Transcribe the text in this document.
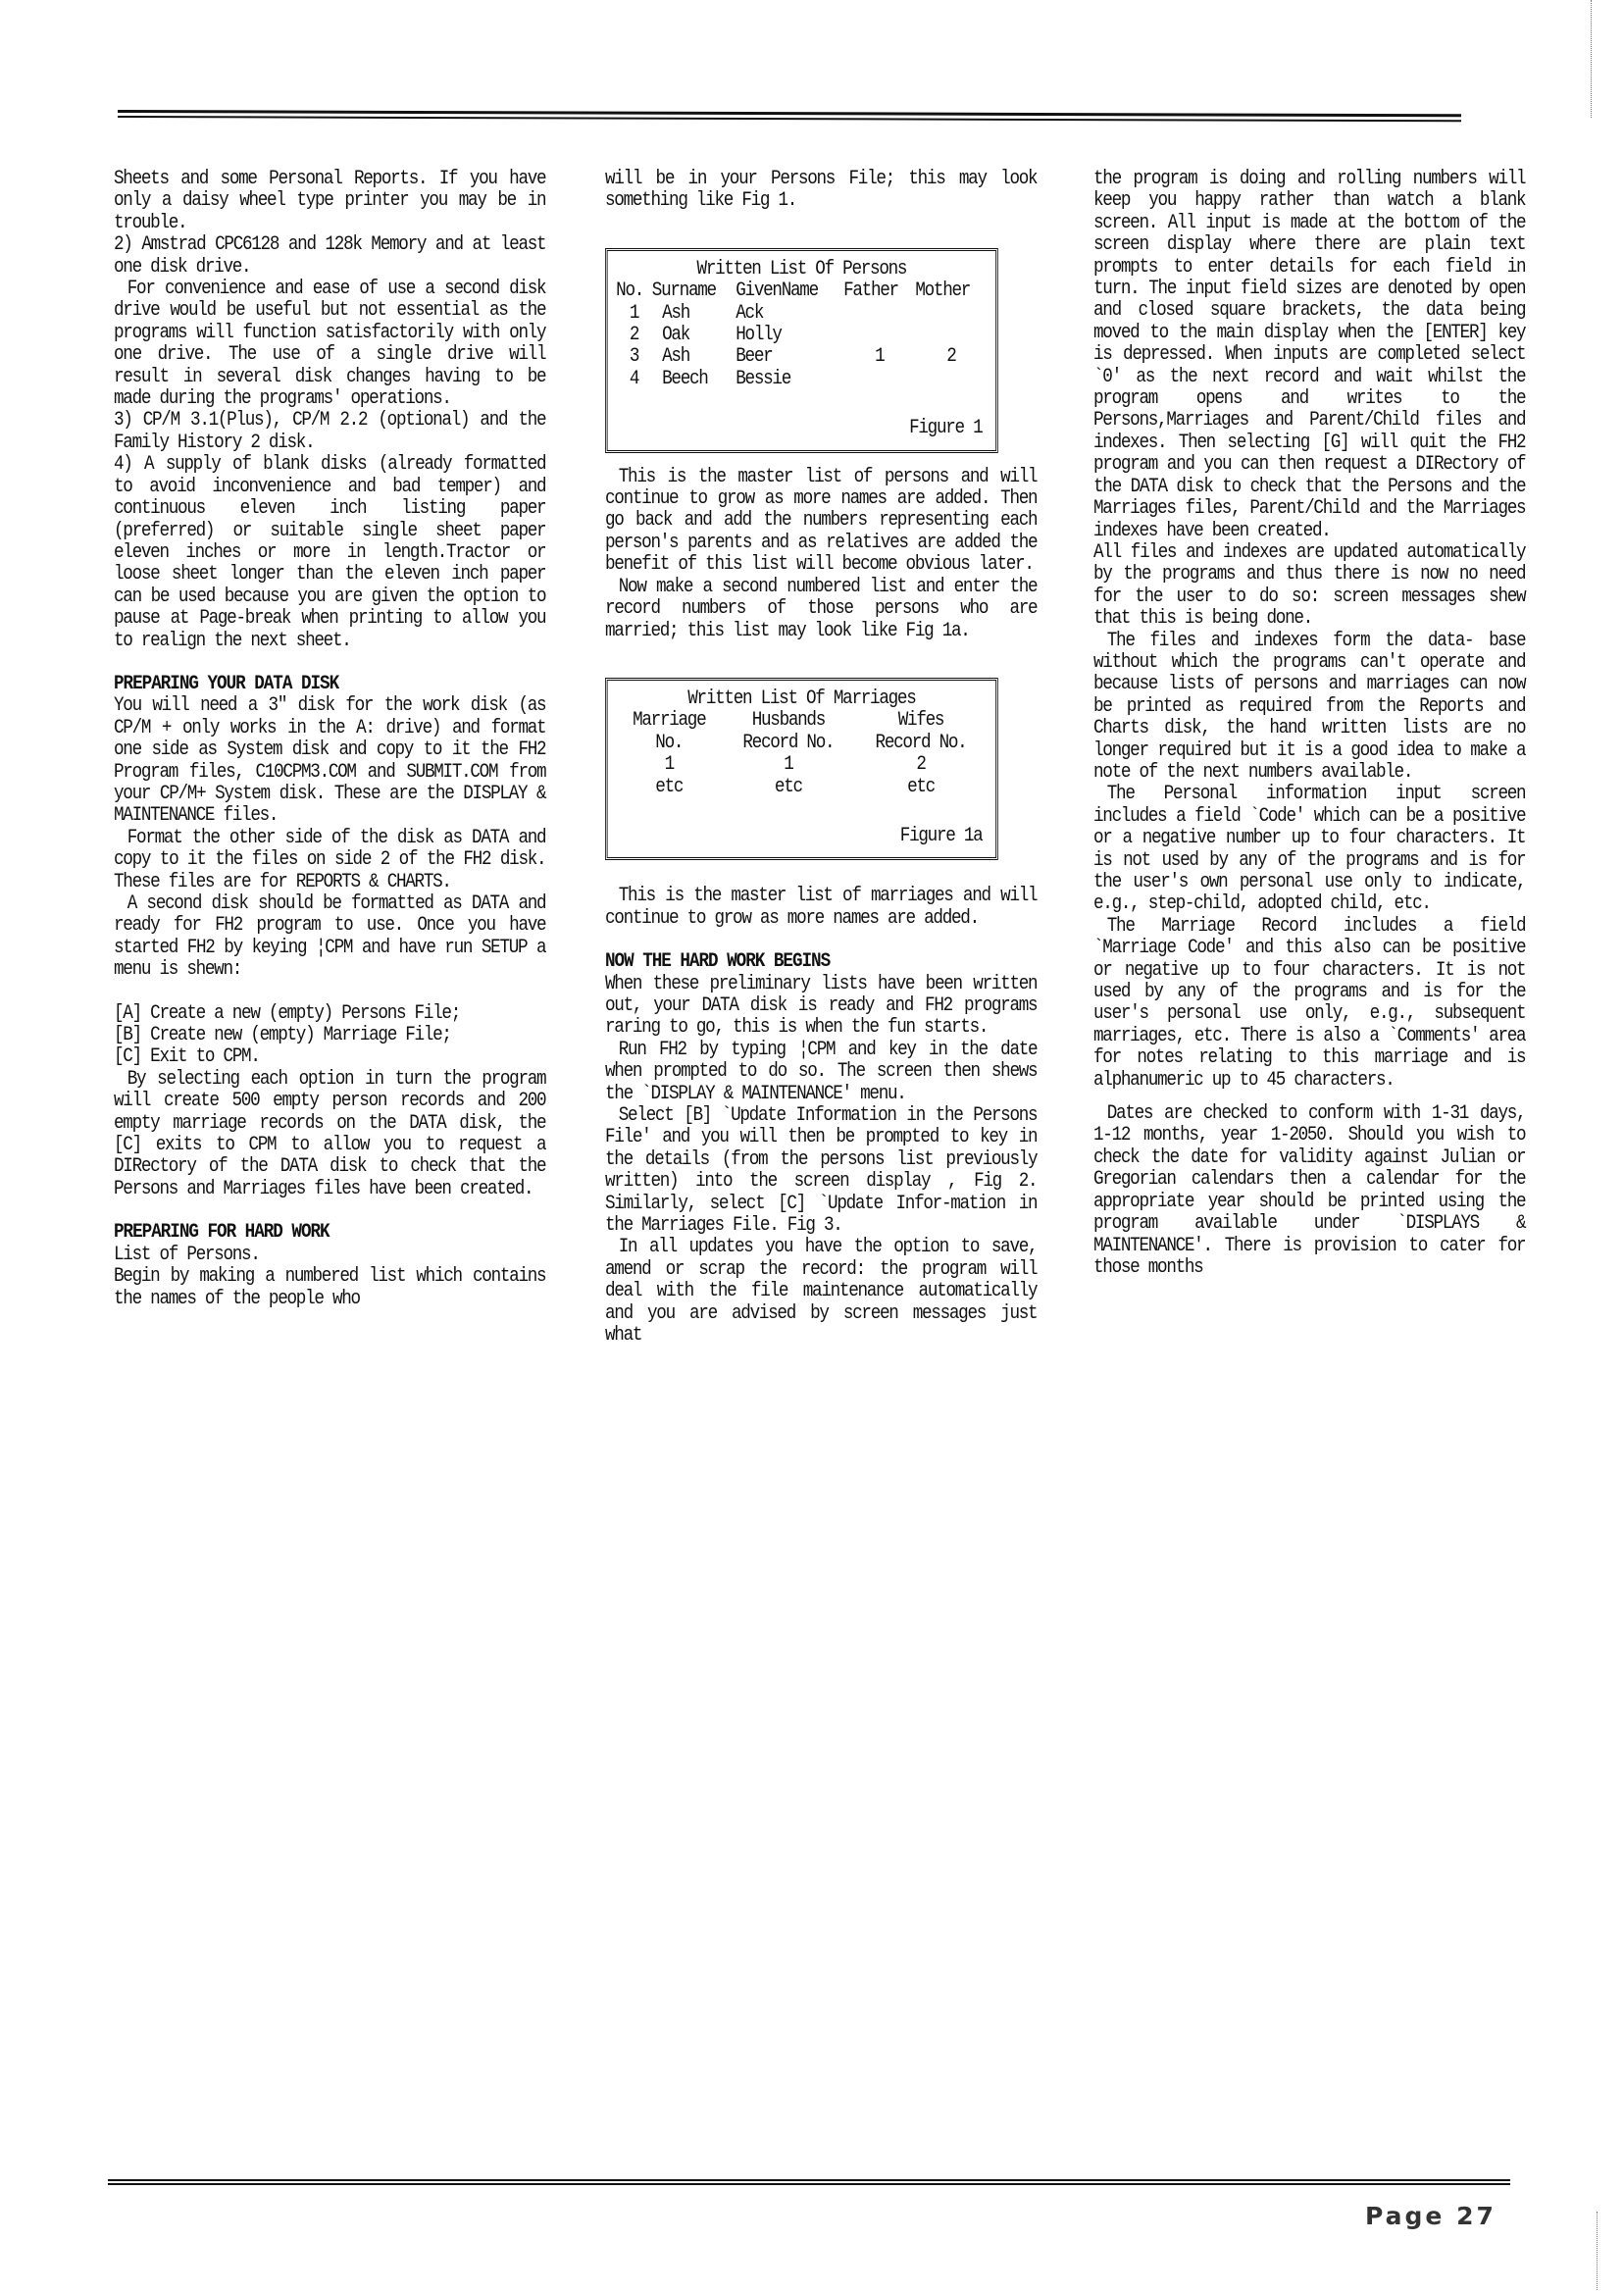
Sheets and some Personal Reports. If you have only a daisy wheel type printer you may be in trouble.

2) Amstrad CPC6128 and 128k Memory and at least one disk drive.

For convenience and ease of use a second disk drive would be useful but not essential as the programs will function satisfactorily with only one drive. The use of a single drive will result in several disk changes having to be made during the programs' operations.

3) CP/M 3.1(Plus), CP/M 2.2 (optional) and the Family History 2 disk.

4) A supply of blank disks (already formatted to avoid inconvenience and bad temper) and continuous eleven inch listing paper (preferred) or suitable single sheet paper eleven inches or more in length.Tractor or loose sheet longer than the eleven inch paper can be used because you are given the option to pause at Page-break when printing to allow you to realign the next sheet.

PREPARING YOUR DATA DISK

You will need a 3" disk for the work disk (as CP/M + only works in the A: drive) and format one side as System disk and copy to it the FH2 Program files, C10CPM3.COM and SUBMIT.COM from your CP/M+ System disk. These are the DISPLAY & MAINTENANCE files.

Format the other side of the disk as DATA and copy to it the files on side 2 of the FH2 disk. These files are for REPORTS & CHARTS.

A second disk should be formatted as DATA and ready for FH2 program to use. Once you have started FH2 by keying ¦CPM and have run SETUP a menu is shewn:

[A] Create a new (empty) Persons File;
[B] Create new (empty) Marriage File;
[C] Exit to CPM.

By selecting each option in turn the program will create 500 empty person records and 200 empty marriage records on the DATA disk, the [C] exits to CPM to allow you to request a DIRectory of the DATA disk to check that the Persons and Marriages files have been created.

PREPARING FOR HARD WORK

List of Persons.

Begin by making a numbered list which contains the names of the people who

will be in your Persons File; this may look something like Fig 1.

Written List Of Persons
No.	Surname	GivenName	Father	Mother
1	Ash	Ack		
2	Oak	Holly		
3	Ash	Beer	1	2
4	Beech	Bessie		
Figure 1

This is the master list of persons and will continue to grow as more names are added. Then go back and add the numbers representing each person's parents and as relatives are added the benefit of this list will become obvious later.

Now make a second numbered list and enter the record numbers of those persons who are married; this list may look like Fig 1a.

Written List Of Marriages
Marriage	Husbands	Wifes
No.	Record No.	Record No.
1	1	2
etc	etc	etc
Figure 1a

This is the master list of marriages and will continue to grow as more names are added.

NOW THE HARD WORK BEGINS

When these preliminary lists have been written out, your DATA disk is ready and FH2 programs raring to go, this is when the fun starts.

Run FH2 by typing ¦CPM and key in the date when prompted to do so. The screen then shews the `DISPLAY & MAINTENANCE' menu.

Select [B] `Update Information in the Persons File' and you will then be prompted to key in the details (from the persons list previously written) into the screen display , Fig 2. Similarly, select [C] `Update Infor-mation in the Marriages File. Fig 3.

In all updates you have the option to save, amend or scrap the record: the program will deal with the file maintenance automatically and you are advised by screen messages just what

the program is doing and rolling numbers will keep you happy rather than watch a blank screen. All input is made at the bottom of the screen display where there are plain text prompts to enter details for each field in turn. The input field sizes are denoted by open and closed square brackets, the data being moved to the main display when the [ENTER] key is depressed. When inputs are completed select `0' as the next record and wait whilst the program opens and writes to the Persons,Marriages and Parent/Child files and indexes. Then selecting [G] will quit the FH2 program and you can then request a DIRectory of the DATA disk to check that the Persons and the Marriages files, Parent/Child and the Marriages indexes have been created.

All files and indexes are updated automatically by the programs and thus there is now no need for the user to do so: screen messages shew that this is being done.

The files and indexes form the data- base without which the programs can't operate and because lists of persons and marriages can now be printed as required from the Reports and Charts disk, the hand written lists are no longer required but it is a good idea to make a note of the next numbers available.

The Personal information input screen includes a field `Code' which can be a positive or a negative number up to four characters. It is not used by any of the programs and is for the user's own personal use only to indicate, e.g., step-child, adopted child, etc.

The Marriage Record includes a field `Marriage Code' and this also can be positive or negative up to four characters. It is not used by any of the programs and is for the user's personal use only, e.g., subsequent marriages, etc. There is also a `Comments' area for notes relating to this marriage and is alphanumeric up to 45 characters.

Dates are checked to conform with 1-31 days, 1-12 months, year 1-2050. Should you wish to check the date for validity against Julian or Gregorian calendars then a calendar for the appropriate year should be printed using the program available under `DISPLAYS & MAINTENANCE'. There is provision to cater for those months

Page 27
